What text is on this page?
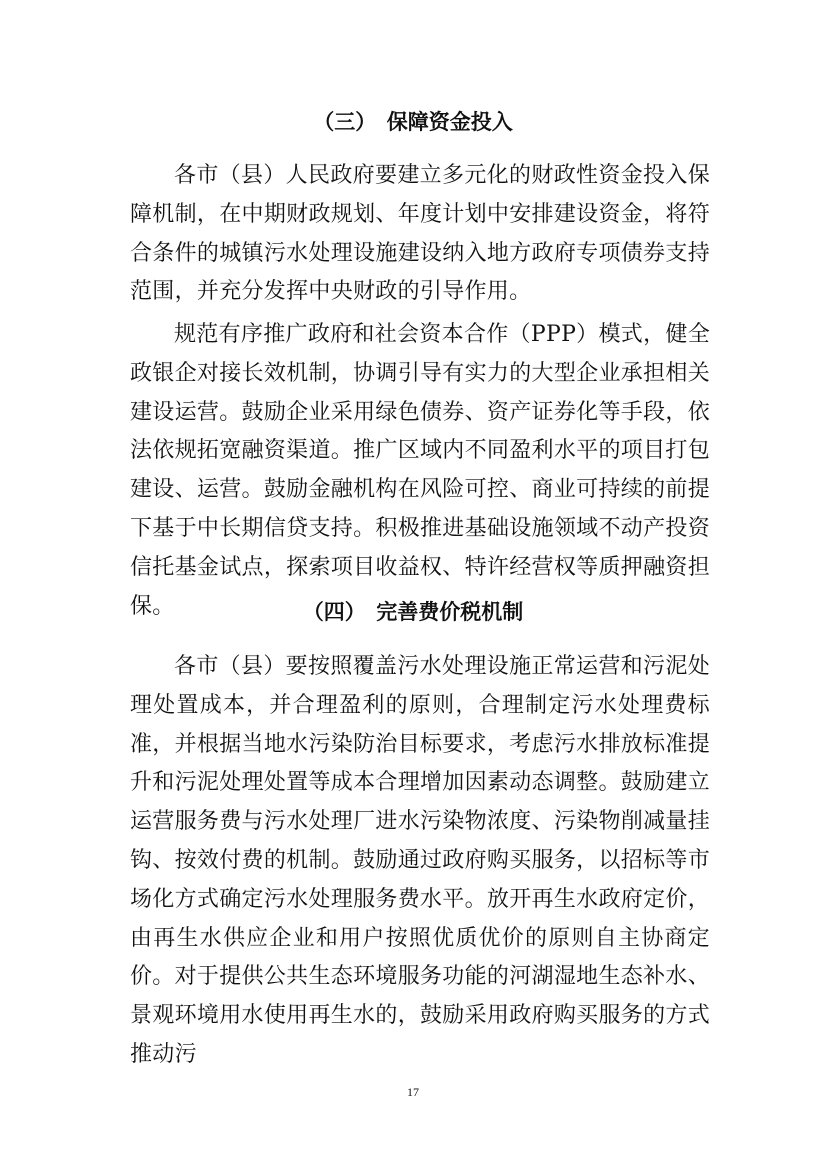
（三）　保障资金投入

各市（县）人民政府要建立多元化的财政性资金投入保障机制，在中期财政规划、年度计划中安排建设资金，将符合条件的城镇污水处理设施建设纳入地方政府专项债券支持范围，并充分发挥中央财政的引导作用。

规范有序推广政府和社会资本合作（PPP）模式，健全政银企对接长效机制，协调引导有实力的大型企业承担相关建设运营。鼓励企业采用绿色债券、资产证券化等手段，依法依规拓宽融资渠道。推广区域内不同盈利水平的项目打包建设、运营。鼓励金融机构在风险可控、商业可持续的前提下基于中长期信贷支持。积极推进基础设施领域不动产投资信托基金试点，探索项目收益权、特许经营权等质押融资担保。	（四）　完善费价税机制

各市（县）要按照覆盖污水处理设施正常运营和污泥处理处置成本，并合理盈利的原则，合理制定污水处理费标准，并根据当地水污染防治目标要求，考虑污水排放标准提升和污泥处理处置等成本合理增加因素动态调整。鼓励建立运营服务费与污水处理厂进水污染物浓度、污染物削减量挂钩、按效付费的机制。鼓励通过政府购买服务，以招标等市场化方式确定污水处理服务费水平。放开再生水政府定价，由再生水供应企业和用户按照优质优价的原则自主协商定价。对于提供公共生态环境服务功能的河湖湿地生态补水、景观环境用水使用再生水的，鼓励采用政府购买服务的方式推动污

17
